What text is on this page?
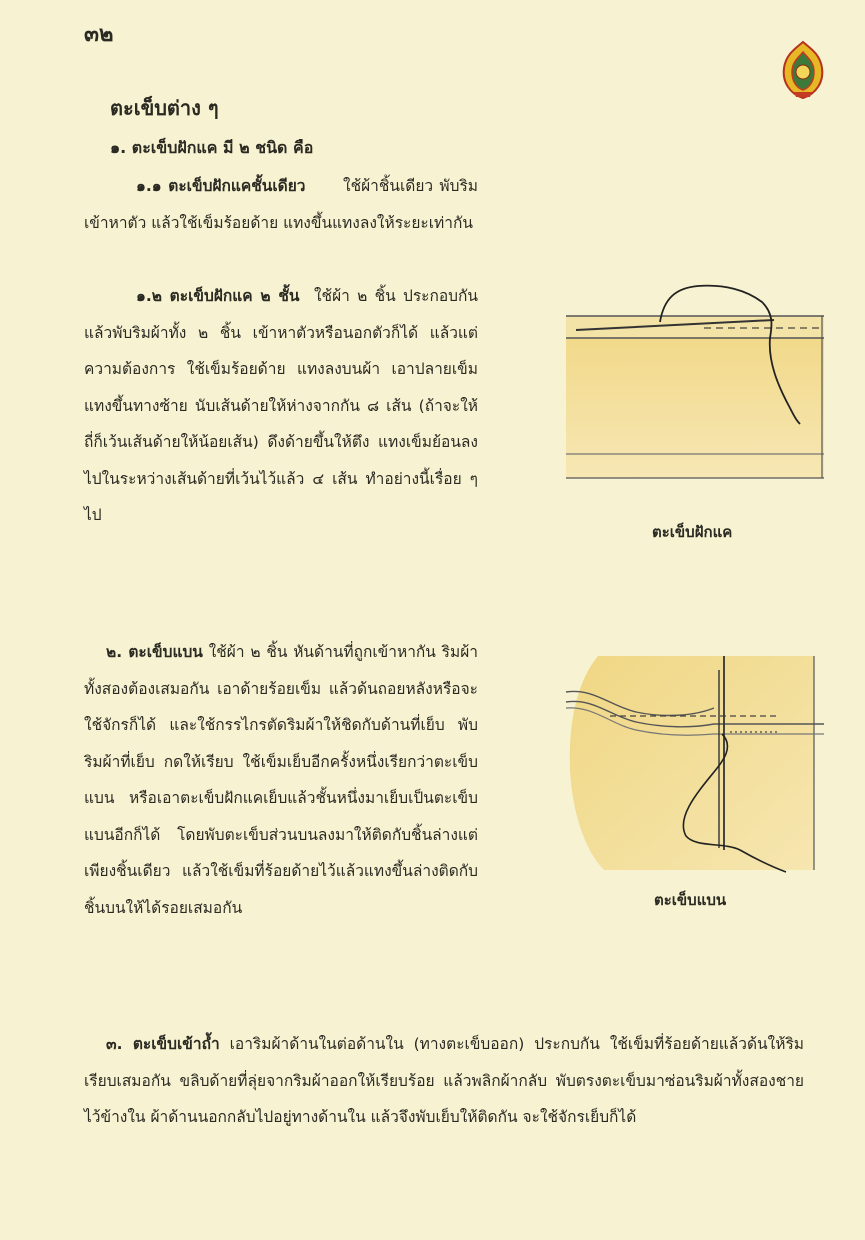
๓๒
ตะเข็บต่าง ๆ
๑. ตะเข็บฝักแค มี ๒ ชนิด คือ

๑.๑ ตะเข็บฝักแคชั้นเดียว ใช้ผ้าชิ้นเดียว พับริมเข้าหาตัว แล้วใช้เข็มร้อยด้าย แทงขึ้นแทงลงให้ระยะเท่ากัน

๑.๒ ตะเข็บฝักแค ๒ ชั้น ใช้ผ้า ๒ ชิ้น ประกอบกัน แล้วพับริมผ้าทั้ง ๒ ชิ้น เข้าหาตัวหรือนอกตัวก็ได้ แล้วแต่ความต้องการ ใช้เข็มร้อยด้าย แทงลงบนผ้า เอาปลายเข็มแทงขึ้นทางซ้าย นับเส้นด้ายให้ห่างจากกัน ๘ เส้น (ถ้าจะให้ถี่ก็เว้นเส้นด้ายให้น้อยเส้น) ดึงด้ายขึ้นให้ตึง แทงเข็มย้อนลงไปในระหว่างเส้นด้ายที่เว้นไว้แล้ว ๔ เส้น ทำอย่างนี้เรื่อย ๆ ไป

ตะเข็บฝักแค

๒. ตะเข็บแบน ใช้ผ้า ๒ ชิ้น หันด้านที่ถูกเข้าหากัน ริมผ้าทั้งสองต้องเสมอกัน เอาด้ายร้อยเข็ม แล้วด้นถอยหลังหรือจะใช้จักรก็ได้ และใช้กรรไกรตัดริมผ้าให้ชิดกับด้านที่เย็บ พับริมผ้าที่เย็บ กดให้เรียบ ใช้เข็มเย็บอีกครั้งหนึ่งเรียกว่าตะเข็บแบน หรือเอาตะเข็บฝักแคเย็บแล้วชั้นหนึ่งมาเย็บเป็นตะเข็บแบนอีกก็ได้ โดยพับตะเข็บส่วนบนลงมาให้ติดกับชิ้นล่างแต่เพียงชิ้นเดียว แล้วใช้เข็มที่ร้อยด้ายไว้แล้วแทงขึ้นล่างติดกับชิ้นบนให้ได้รอยเสมอกัน	ตะเข็บแบน

๓. ตะเข็บเข้าถ้ำ เอาริมผ้าด้านในต่อด้านใน (ทางตะเข็บออก) ประกบกัน ใช้เข็มที่ร้อยด้ายแล้วด้นให้ริมเรียบเสมอกัน ขลิบด้ายที่ลุ่ยจากริมผ้าออกให้เรียบร้อย แล้วพลิกผ้ากลับ พับตรงตะเข็บมาซ่อนริมผ้าทั้งสองชายไว้ข้างใน ผ้าด้านนอกกลับไปอยู่ทางด้านใน แล้วจึงพับเย็บให้ติดกัน จะใช้จักรเย็บก็ได้
